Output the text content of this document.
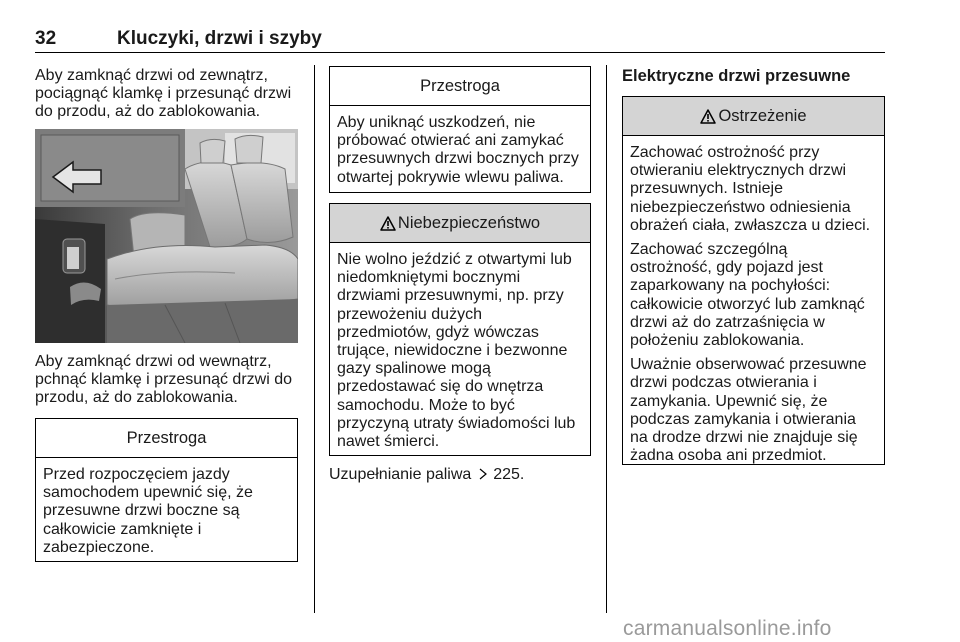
32	Kluczyki, drzwi i szyby
Aby zamknąć drzwi od zewnątrz,
pociągnąć klamkę i przesunąć drzwi
do przodu, aż do zablokowania.
Aby zamknąć drzwi od wewnątrz,
pchnąć klamkę i przesunąć drzwi do
przodu, aż do zablokowania.
Przestroga
Przed rozpoczęciem jazdy
samochodem upewnić się, że
przesuwne drzwi boczne są
całkowicie zamknięte i
zabezpieczone.
Przestroga
Aby uniknąć uszkodzeń, nie
próbować otwierać ani zamykać
przesuwnych drzwi bocznych przy
otwartej pokrywie wlewu paliwa.
Niebezpieczeństwo
Nie wolno jeździć z otwartymi lub
niedomkniętymi bocznymi
drzwiami przesuwnymi, np. przy
przewożeniu dużych
przedmiotów, gdyż wówczas
trujące, niewidoczne i bezwonne
gazy spalinowe mogą
przedostawać się do wnętrza
samochodu. Może to być
przyczyną utraty świadomości lub
nawet śmierci.
Uzupełnianie paliwa 225.
Elektryczne drzwi przesuwne
Ostrzeżenie

Zachować ostrożność przy
otwieraniu elektrycznych drzwi
przesuwnych. Istnieje
niebezpieczeństwo odniesienia
obrażeń ciała, zwłaszcza u dzieci.

Zachować szczególną
ostrożność, gdy pojazd jest
zaparkowany na pochyłości:
całkowicie otworzyć lub zamknąć
drzwi aż do zatrzaśnięcia w
położeniu zablokowania.

Uważnie obserwować przesuwne
drzwi podczas otwierania i
zamykania. Upewnić się, że
podczas zamykania i otwierania
na drodze drzwi nie znajduje się
żadna osoba ani przedmiot.

carmanualsonline.info
